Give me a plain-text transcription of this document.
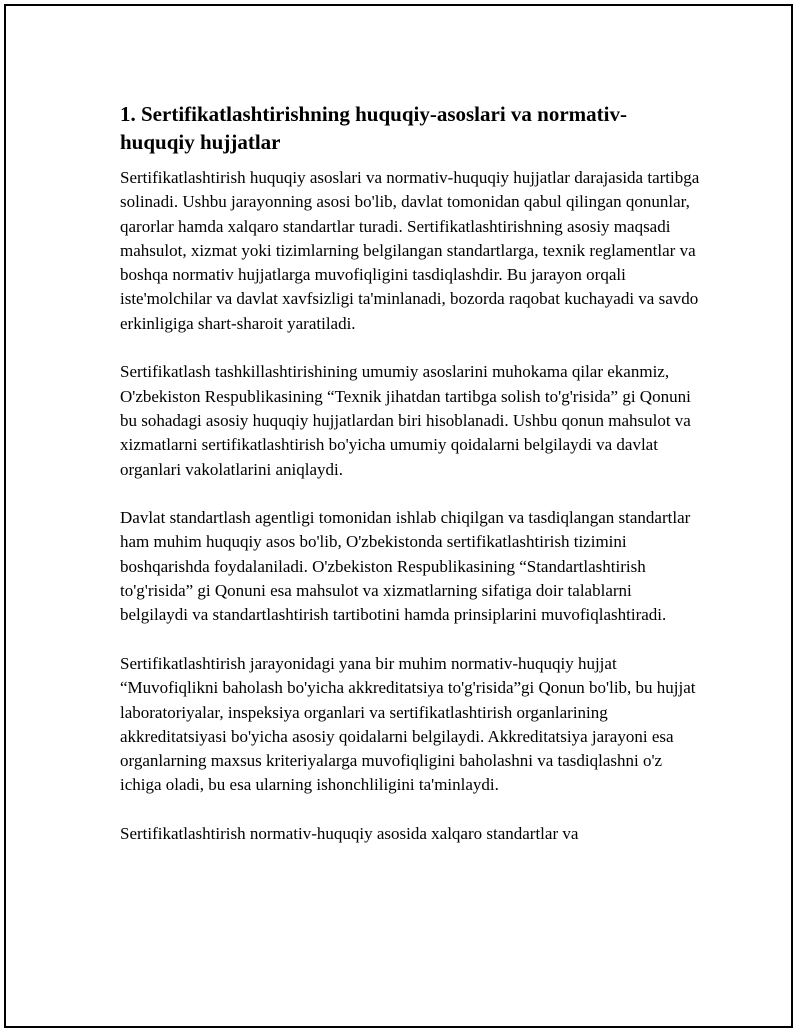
1. Sertifikatlashtirishning huquqiy-asoslari va normativ-huquqiy hujjatlar

Sertifikatlashtirish huquqiy asoslari va normativ-huquqiy hujjatlar darajasida tartibga solinadi. Ushbu jarayonning asosi bo'lib, davlat tomonidan qabul qilingan qonunlar, qarorlar hamda xalqaro standartlar turadi. Sertifikatlashtirishning asosiy maqsadi mahsulot, xizmat yoki tizimlarning belgilangan standartlarga, texnik reglamentlar va boshqa normativ hujjatlarga muvofiqligini tasdiqlashdir. Bu jarayon orqali iste'molchilar va davlat xavfsizligi ta'minlanadi, bozorda raqobat kuchayadi va savdo erkinligiga shart-sharoit yaratiladi.

Sertifikatlash tashkillashtirishining umumiy asoslarini muhokama qilar ekanmiz, O'zbekiston Respublikasining “Texnik jihatdan tartibga solish to'g'risida” gi Qonuni bu sohadagi asosiy huquqiy hujjatlardan biri hisoblanadi. Ushbu qonun mahsulot va xizmatlarni sertifikatlashtirish bo'yicha umumiy qoidalarni belgilaydi va davlat organlari vakolatlarini aniqlaydi.

Davlat standartlash agentligi tomonidan ishlab chiqilgan va tasdiqlangan standartlar ham muhim huquqiy asos bo'lib, O'zbekistonda sertifikatlashtirish tizimini boshqarishda foydalaniladi. O'zbekiston Respublikasining “Standartlashtirish to'g'risida” gi Qonuni esa mahsulot va xizmatlarning sifatiga doir talablarni belgilaydi va standartlashtirish tartibotini hamda prinsiplarini muvofiqlashtiradi.

Sertifikatlashtirish jarayonidagi yana bir muhim normativ-huquqiy hujjat “Muvofiqlikni baholash bo'yicha akkreditatsiya to'g'risida”gi Qonun bo'lib, bu hujjat laboratoriyalar, inspeksiya organlari va sertifikatlashtirish organlarining akkreditatsiyasi bo'yicha asosiy qoidalarni belgilaydi. Akkreditatsiya jarayoni esa organlarning maxsus kriteriyalarga muvofiqligini baholashni va tasdiqlashni o'z ichiga oladi, bu esa ularning ishonchliligini ta'minlaydi.

Sertifikatlashtirish normativ-huquqiy asosida xalqaro standartlar va
